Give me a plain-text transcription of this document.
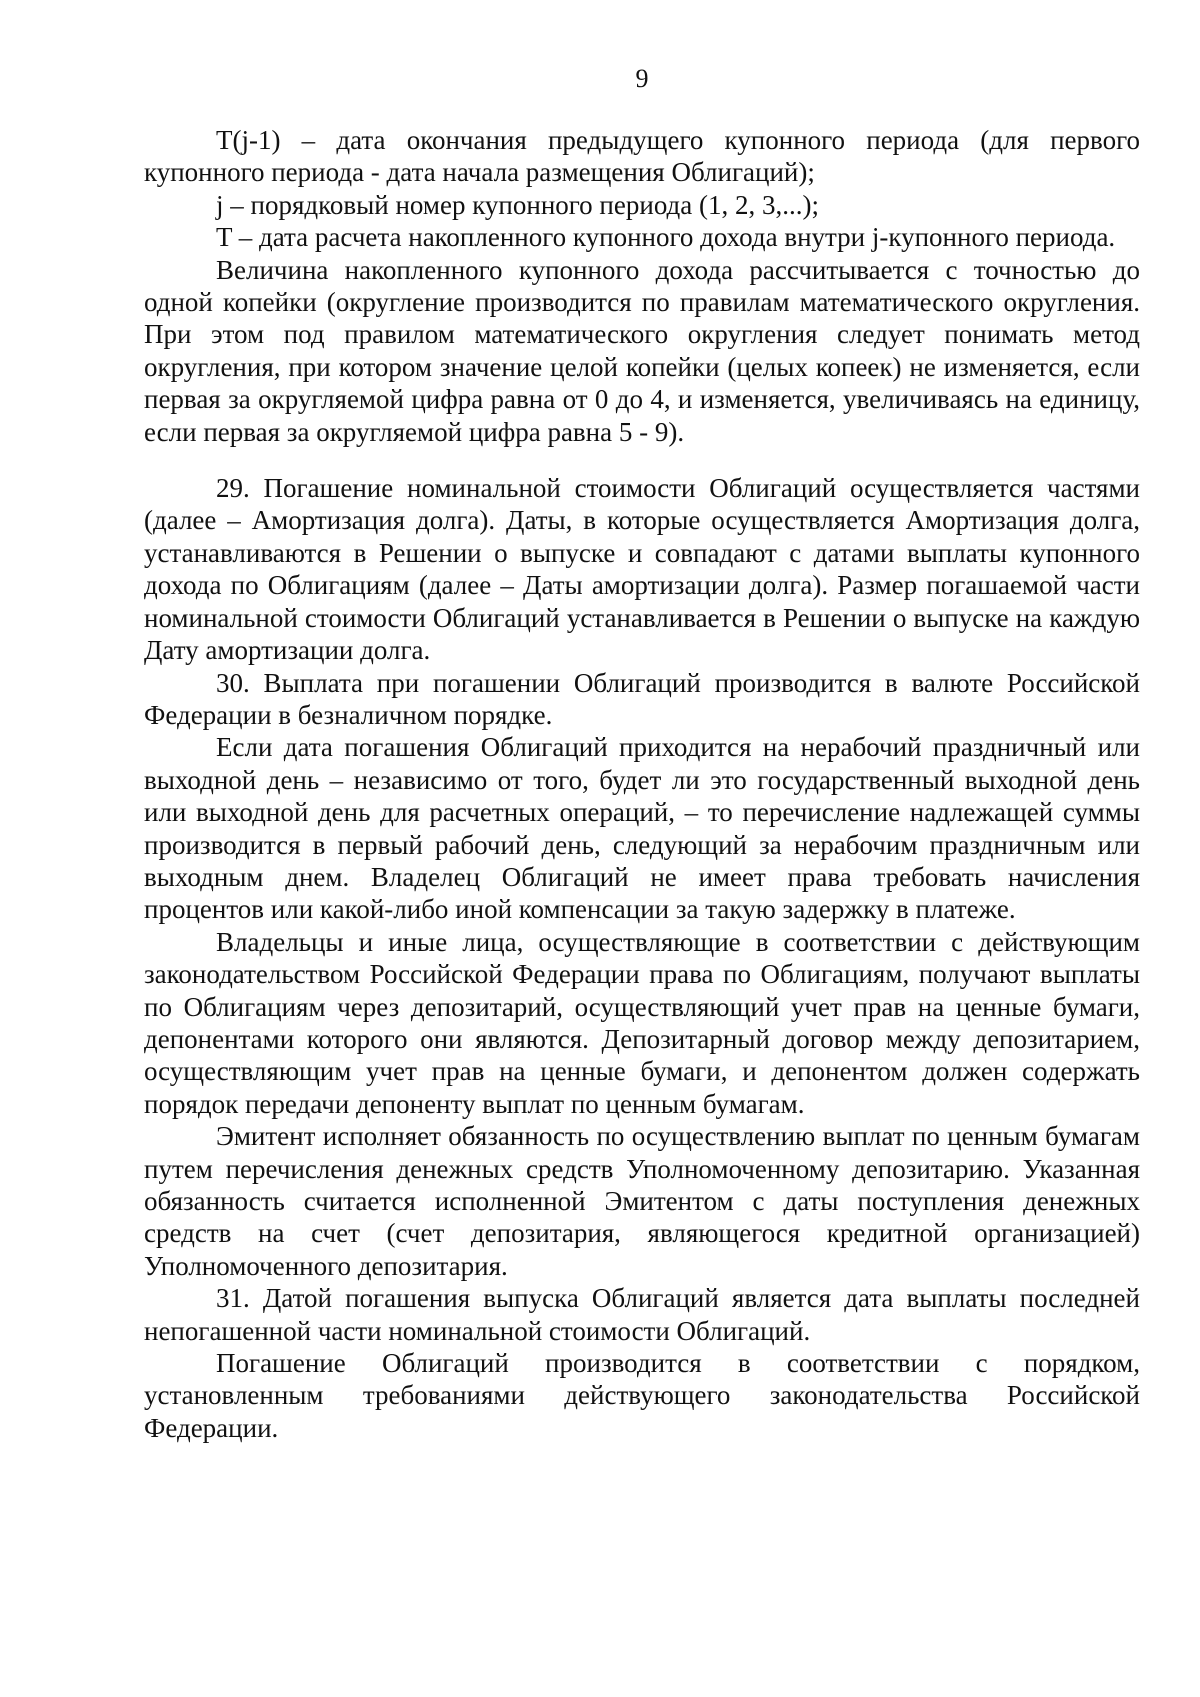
9

T(j-1) – дата окончания предыдущего купонного периода (для первого купонного периода - дата начала размещения Облигаций);

j – порядковый номер купонного периода (1, 2, 3,...);

T – дата расчета накопленного купонного дохода внутри j-купонного периода.

Величина накопленного купонного дохода рассчитывается с точностью до одной копейки (округление производится по правилам математического округления. При этом под правилом математического округления следует понимать метод округления, при котором значение целой копейки (целых копеек) не изменяется, если первая за округляемой цифра равна от 0 до 4, и изменяется, увеличиваясь на единицу, если первая за округляемой цифра равна 5 - 9).

29. Погашение номинальной стоимости Облигаций осуществляется частями (далее – Амортизация долга). Даты, в которые осуществляется Амортизация долга, устанавливаются в Решении о выпуске и совпадают с датами выплаты купонного дохода по Облигациям (далее – Даты амортизации долга). Размер погашаемой части номинальной стоимости Облигаций устанавливается в Решении о выпуске на каждую Дату амортизации долга.

30. Выплата при погашении Облигаций производится в валюте Российской Федерации в безналичном порядке.

Если дата погашения Облигаций приходится на нерабочий праздничный или выходной день – независимо от того, будет ли это государственный выходной день или выходной день для расчетных операций, – то перечисление надлежащей суммы производится в первый рабочий день, следующий за нерабочим праздничным или выходным днем. Владелец Облигаций не имеет права требовать начисления процентов или какой-либо иной компенсации за такую задержку в платеже.

Владельцы и иные лица, осуществляющие в соответствии с действующим законодательством Российской Федерации права по Облигациям, получают выплаты по Облигациям через депозитарий, осуществляющий учет прав на ценные бумаги, депонентами которого они являются. Депозитарный договор между депозитарием, осуществляющим учет прав на ценные бумаги, и депонентом должен содержать порядок передачи депоненту выплат по ценным бумагам.

Эмитент исполняет обязанность по осуществлению выплат по ценным бумагам путем перечисления денежных средств Уполномоченному депозитарию. Указанная обязанность считается исполненной Эмитентом с даты поступления денежных средств на счет (счет депозитария, являющегося кредитной организацией) Уполномоченного депозитария.

31. Датой погашения выпуска Облигаций является дата выплаты последней непогашенной части номинальной стоимости Облигаций.

Погашение Облигаций производится в соответствии с порядком, установленным требованиями действующего законодательства Российской Федерации.
